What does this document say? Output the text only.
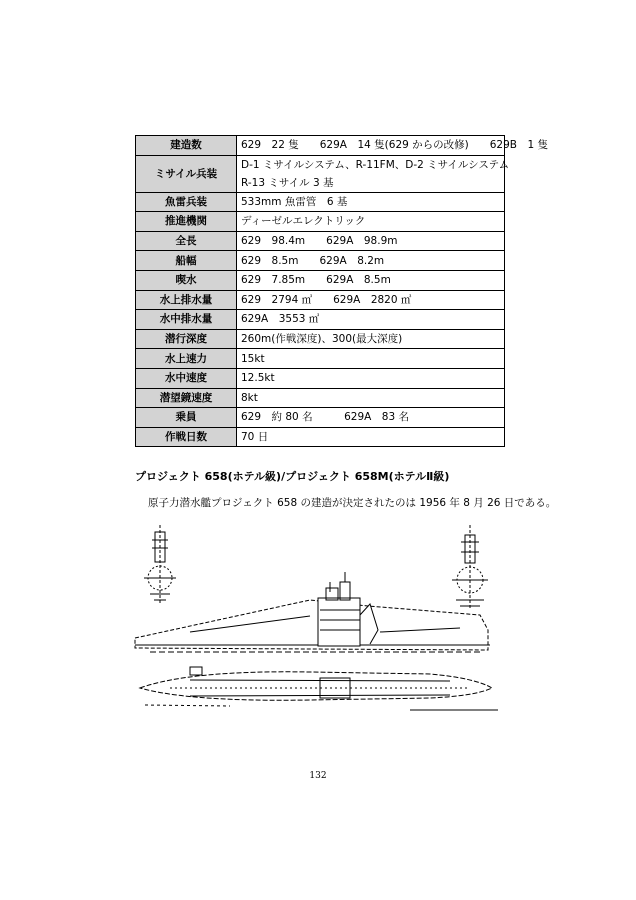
建造数	629　22 隻　　629A　14 隻(629 からの改修)　　629B　1 隻
ミサイル兵装	D-1 ミサイルシステム、R-11FM、D-2 ミサイルシステム
R-13 ミサイル 3 基

魚雷兵装	533mm 魚雷管　6 基
推進機関	ディーゼルエレクトリック
全長	629　98.4m　　629A　98.9m
船幅	629　8.5m　　629A　8.2m
喫水	629　7.85m　　629A　8.5m
水上排水量	629　2794 ㎥　　629A　2820 ㎥
水中排水量	629A　3553 ㎥
潜行深度	260m(作戦深度)、300(最大深度)
水上速力	15kt
水中速度	12.5kt
潜望鏡速度	8kt
乗員	629　約 80 名　　　629A　83 名
作戦日数	70 日
プロジェクト 658(ホテル級)/プロジェクト 658M(ホテルⅡ級)
原子力潜水艦プロジェクト 658 の建造が決定されたのは 1956 年 8 月 26 日である。
132
